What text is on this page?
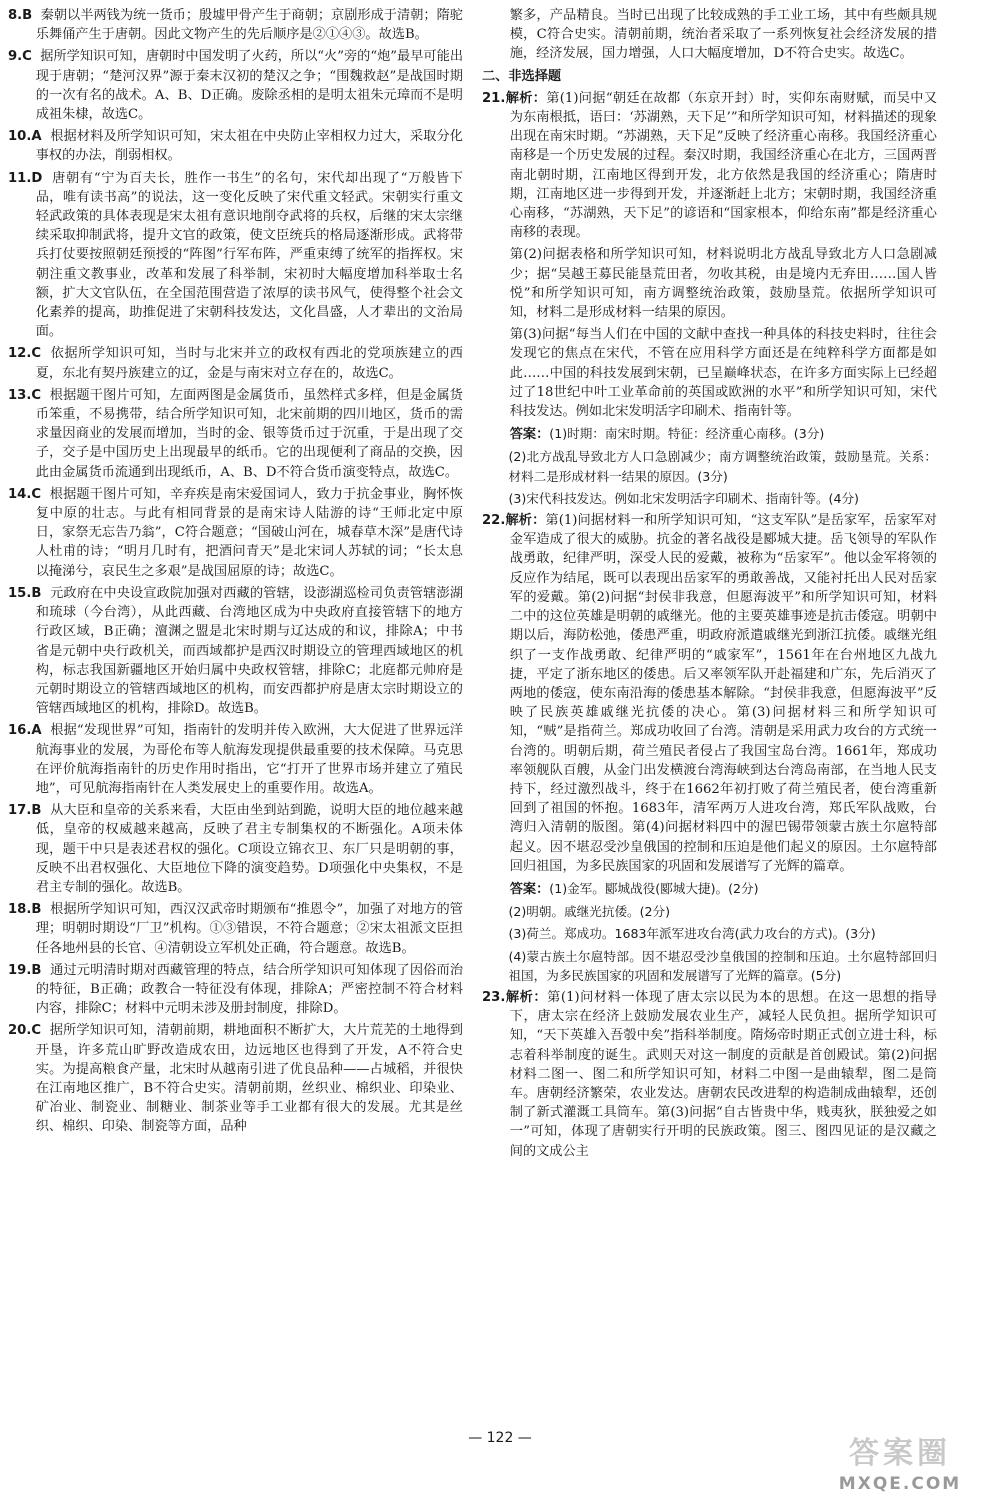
8.B 秦朝以半两钱为统一货币；殷墟甲骨产生于商朝；京剧形成于清朝；隋驼乐舞俑产生于唐朝。因此文物产生的先后顺序是②①④③。故选B。

9.C 据所学知识可知，唐朝时中国发明了火药，所以“火”旁的“炮”最早可能出现于唐朝；“楚河汉界”源于秦末汉初的楚汉之争；“围魏救赵”是战国时期的一次有名的战术。A、B、D正确。废除丞相的是明太祖朱元璋而不是明成祖朱棣，故选C。

10.A 根据材料及所学知识可知，宋太祖在中央防止宰相权力过大，采取分化事权的办法，削弱相权。

11.D 唐朝有“宁为百夫长，胜作一书生”的名句，宋代却出现了“万般皆下品，唯有读书高”的说法，这一变化反映了宋代重文轻武。宋朝实行重文轻武政策的具体表现是宋太祖有意识地削夺武将的兵权，后继的宋太宗继续采取抑制武将，提升文官的政策，使文臣统兵的格局逐渐形成。武将带兵打仗要按照朝廷预授的“阵图”行军布阵，严重束缚了统军的指挥权。宋朝注重文教事业，改革和发展了科举制，宋初时大幅度增加科举取士名额，扩大文官队伍，在全国范围营造了浓厚的读书风气，使得整个社会文化素养的提高，助推促进了宋朝科技发达，文化昌盛，人才辈出的文治局面。

12.C 依据所学知识可知，当时与北宋并立的政权有西北的党项族建立的西夏，东北有契丹族建立的辽，金是与南宋对立存在的，故选C。

13.C 根据题干图片可知，左面两图是金属货币，虽然样式多样，但是金属货币笨重，不易携带，结合所学知识可知，北宋前期的四川地区，货币的需求量因商业的发展而增加，当时的金、银等货币过于沉重，于是出现了交子，交子是中国历史上出现最早的纸币。它的出现便利了商品的交换，因此由金属货币流通到出现纸币，A、B、D不符合货币演变特点，故选C。

14.C 根据题干图片可知，辛弃疾是南宋爱国词人，致力于抗金事业，胸怀恢复中原的壮志。与此有相同背景的是南宋诗人陆游的诗“王师北定中原日，家祭无忘告乃翁”，C符合题意；“国破山河在，城春草木深”是唐代诗人杜甫的诗；“明月几时有，把酒问青天”是北宋词人苏轼的词；“长太息以掩涕兮，哀民生之多艰”是战国屈原的诗；故选C。

15.B 元政府在中央设宣政院加强对西藏的管辖，设澎湖巡检司负责管辖澎湖和琉球（今台湾），从此西藏、台湾地区成为中央政府直接管辖下的地方行政区域，B正确；澶渊之盟是北宋时期与辽达成的和议，排除A；中书省是元朝中央行政机关，而西域都护是西汉时期设立的管理西域地区的机构，标志我国新疆地区开始归属中央政权管辖，排除C；北庭都元帅府是元朝时期设立的管辖西域地区的机构，而安西都护府是唐太宗时期设立的管辖西域地区的机构，排除D。故选B。

16.A 根据“发现世界”可知，指南针的发明并传入欧洲，大大促进了世界远洋航海事业的发展，为哥伦布等人航海发现提供最重要的技术保障。马克思在评价航海指南针的历史作用时指出，它“打开了世界市场并建立了殖民地”，可见航海指南针在人类发展史上的重要作用。故选A。

17.B 从大臣和皇帝的关系来看，大臣由坐到站到跪，说明大臣的地位越来越低，皇帝的权威越来越高，反映了君主专制集权的不断强化。A项未体现，题干中只是表述君权的强化。C项设立锦衣卫、东厂只是明朝的事，反映不出君权强化、大臣地位下降的演变趋势。D项强化中央集权，不是君主专制的强化。故选B。

18.B 根据所学知识可知，西汉汉武帝时期颁布“推恩令”，加强了对地方的管理；明朝时期设“厂卫”机构。①③错误，不符合题意；②宋太祖派文臣担任各地州县的长官、④清朝设立军机处正确，符合题意。故选B。

19.B 通过元明清时期对西藏管理的特点，结合所学知识可知体现了因俗而治的特征，B正确；政教合一特征没有体现，排除A；严密控制不符合材料内容，排除C；材料中元明未涉及册封制度，排除D。

20.C 据所学知识可知，清朝前期，耕地面积不断扩大，大片荒芜的土地得到开垦，许多荒山旷野改造成农田，边远地区也得到了开发，A不符合史实。为提高粮食产量，北宋时从越南引进了优良品种——占城稻，并很快在江南地区推广，B不符合史实。清朝前期，丝织业、棉织业、印染业、矿冶业、制瓷业、制糖业、制茶业等手工业都有很大的发展。尤其是丝织、棉织、印染、制瓷等方面，品种

繁多，产品精良。当时已出现了比较成熟的手工业工场，其中有些颇具规模，C符合史实。清朝前期，统治者采取了一系列恢复社会经济发展的措施，经济发展，国力增强，人口大幅度增加，D不符合史实。故选C。

二、非选择题

21.解析：第(1)问据“朝廷在故都（东京开封）时，实仰东南财赋，而吴中又为东南根抵，语曰：‘苏湖熟，天下足’”和所学知识可知，材料描述的现象出现在南宋时期。“苏湖熟，天下足”反映了经济重心南移。我国经济重心南移是一个历史发展的过程。秦汉时期，我国经济重心在北方，三国两晋南北朝时期，江南地区得到开发，北方依然是我国的经济重心；隋唐时期，江南地区进一步得到开发，并逐渐赶上北方；宋朝时期，我国经济重心南移，“苏湖熟，天下足”的谚语和“国家根本，仰给东南”都是经济重心南移的表现。

第(2)问据表格和所学知识可知，材料说明北方战乱导致北方人口急剧减少；据“吴越王募民能垦荒田者，勿收其税，由是境内无弃田……国人皆悦”和所学知识可知，南方调整统治政策，鼓励垦荒。依据所学知识可知，材料二是形成材料一结果的原因。

第(3)问据“每当人们在中国的文献中查找一种具体的科技史料时，往往会发现它的焦点在宋代，不管在应用科学方面还是在纯粹科学方面都是如此……中国的科技发展到宋朝，已呈巅峰状态，在许多方面实际上已经超过了18世纪中叶工业革命前的英国或欧洲的水平”和所学知识可知，宋代科技发达。例如北宋发明活字印刷术、指南针等。

答案：(1)时期：南宋时期。特征：经济重心南移。(3分)

(2)北方战乱导致北方人口急剧减少；南方调整统治政策，鼓励垦荒。关系：材料二是形成材料一结果的原因。(3分)

(3)宋代科技发达。例如北宋发明活字印刷术、指南针等。(4分)

22.解析：第(1)问据材料一和所学知识可知，“这支军队”是岳家军，岳家军对金军造成了很大的威胁。抗金的著名战役是郾城大捷。岳飞领导的军队作战勇敢，纪律严明，深受人民的爱戴，被称为“岳家军”。他以金军将领的反应作为结尾，既可以表现出岳家军的勇敢善战，又能衬托出人民对岳家军的爱戴。第(2)问据“封侯非我意，但愿海波平”和所学知识可知，材料二中的这位英雄是明朝的戚继光。他的主要英雄事迹是抗击倭寇。明朝中期以后，海防松弛，倭患严重，明政府派遣戚继光到浙江抗倭。戚继光组织了一支作战勇敢、纪律严明的“戚家军”，1561年在台州地区九战九捷，平定了浙东地区的倭患。后又率领军队开赴福建和广东，先后消灭了两地的倭寇，使东南沿海的倭患基本解除。“封侯非我意，但愿海波平”反映了民族英雄戚继光抗倭的决心。第(3)问据材料三和所学知识可知，“贼”是指荷兰。郑成功收回了台湾。清朝是采用武力攻台的方式统一台湾的。明朝后期，荷兰殖民者侵占了我国宝岛台湾。1661年，郑成功率领舰队百艘，从金门出发横渡台湾海峡到达台湾岛南部，在当地人民支持下，经过激烈战斗，终于在1662年初打败了荷兰殖民者，使台湾重新回到了祖国的怀抱。1683年，清军两万人进攻台湾，郑氏军队战败，台湾归入清朝的版图。第(4)问据材料四中的渥巴锡带领蒙古族土尔扈特部起义。因不堪忍受沙皇俄国的控制和压迫是他们起义的原因。土尔扈特部回归祖国，为多民族国家的巩固和发展谱写了光辉的篇章。

答案：(1)金军。郾城战役(郾城大捷)。(2分)

(2)明朝。戚继光抗倭。(2分)

(3)荷兰。郑成功。1683年派军进攻台湾(武力攻台的方式)。(3分)

(4)蒙古族土尔扈特部。因不堪忍受沙皇俄国的控制和压迫。土尔扈特部回归祖国，为多民族国家的巩固和发展谱写了光辉的篇章。(5分)

23.解析：第(1)问材料一体现了唐太宗以民为本的思想。在这一思想的指导下，唐太宗在经济上鼓励发展农业生产，减轻人民负担。据所学知识可知，“天下英雄入吾彀中矣”指科举制度。隋炀帝时期正式创立进士科，标志着科举制度的诞生。武则天对这一制度的贡献是首创殿试。第(2)问据材料二图一、图二和所学知识可知，材料二中图一是曲辕犁，图二是筒车。唐朝经济繁荣，农业发达。唐朝农民改进犁的构造制成曲辕犁，还创制了新式灌溉工具筒车。第(3)问据“自古皆贵中华，贱夷狄，朕独爱之如一”可知，体现了唐朝实行开明的民族政策。图三、图四见证的是汉藏之间的文成公主

— 122 —	答案圈
MXQE.COM
